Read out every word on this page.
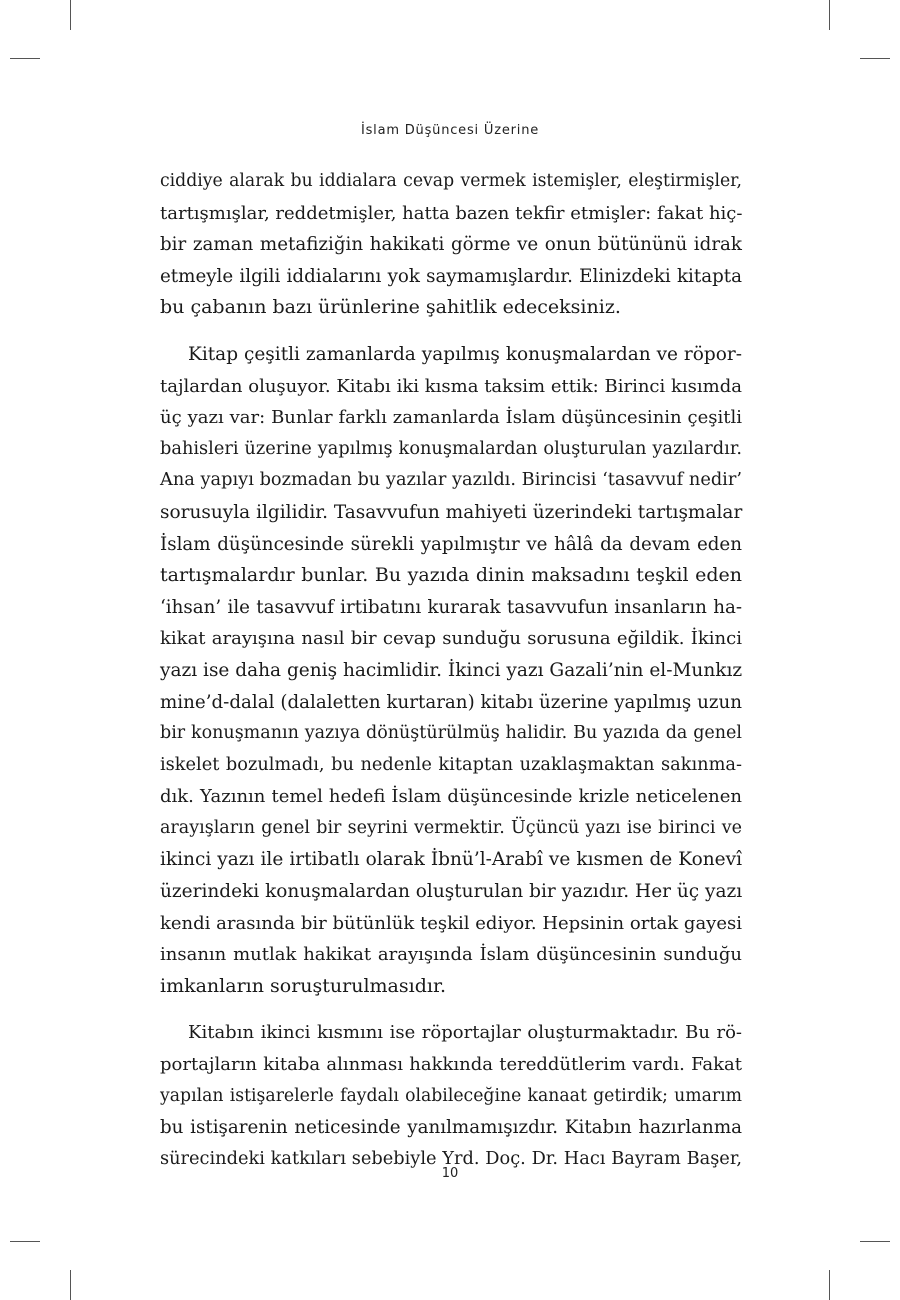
İslam Düşüncesi Üzerine
ciddiye alarak bu iddialara cevap vermek istemişler, eleştirmişler,
tartışmışlar, reddetmişler, hatta bazen tekfir etmişler: fakat hiç-
bir zaman metafiziğin hakikati görme ve onun bütününü idrak
etmeyle ilgili iddialarını yok saymamışlardır. Elinizdeki kitapta
bu çabanın bazı ürünlerine şahitlik edeceksiniz.
Kitap çeşitli zamanlarda yapılmış konuşmalardan ve röpor-
tajlardan oluşuyor. Kitabı iki kısma taksim ettik: Birinci kısımda
üç yazı var: Bunlar farklı zamanlarda İslam düşüncesinin çeşitli
bahisleri üzerine yapılmış konuşmalardan oluşturulan yazılardır.
Ana yapıyı bozmadan bu yazılar yazıldı. Birincisi ‘tasavvuf nedir’
sorusuyla ilgilidir. Tasavvufun mahiyeti üzerindeki tartışmalar
İslam düşüncesinde sürekli yapılmıştır ve hâlâ da devam eden
tartışmalardır bunlar. Bu yazıda dinin maksadını teşkil eden
‘ihsan’ ile tasavvuf irtibatını kurarak tasavvufun insanların ha-
kikat arayışına nasıl bir cevap sunduğu sorusuna eğildik. İkinci
yazı ise daha geniş hacimlidir. İkinci yazı Gazali’nin el-Munkız
mine’d-dalal (dalaletten kurtaran) kitabı üzerine yapılmış uzun
bir konuşmanın yazıya dönüştürülmüş halidir. Bu yazıda da genel
iskelet bozulmadı, bu nedenle kitaptan uzaklaşmaktan sakınma-
dık. Yazının temel hedefi İslam düşüncesinde krizle neticelenen
arayışların genel bir seyrini vermektir. Üçüncü yazı ise birinci ve
ikinci yazı ile irtibatlı olarak İbnü’l-Arabî ve kısmen de Konevî
üzerindeki konuşmalardan oluşturulan bir yazıdır. Her üç yazı
kendi arasında bir bütünlük teşkil ediyor. Hepsinin ortak gayesi
insanın mutlak hakikat arayışında İslam düşüncesinin sunduğu
imkanların soruşturulmasıdır.
Kitabın ikinci kısmını ise röportajlar oluşturmaktadır. Bu rö-
portajların kitaba alınması hakkında tereddütlerim vardı. Fakat
yapılan istişarelerle faydalı olabileceğine kanaat getirdik; umarım
bu istişarenin neticesinde yanılmamışızdır. Kitabın hazırlanma
sürecindeki katkıları sebebiyle Yrd. Doç. Dr. Hacı Bayram Başer,
10
